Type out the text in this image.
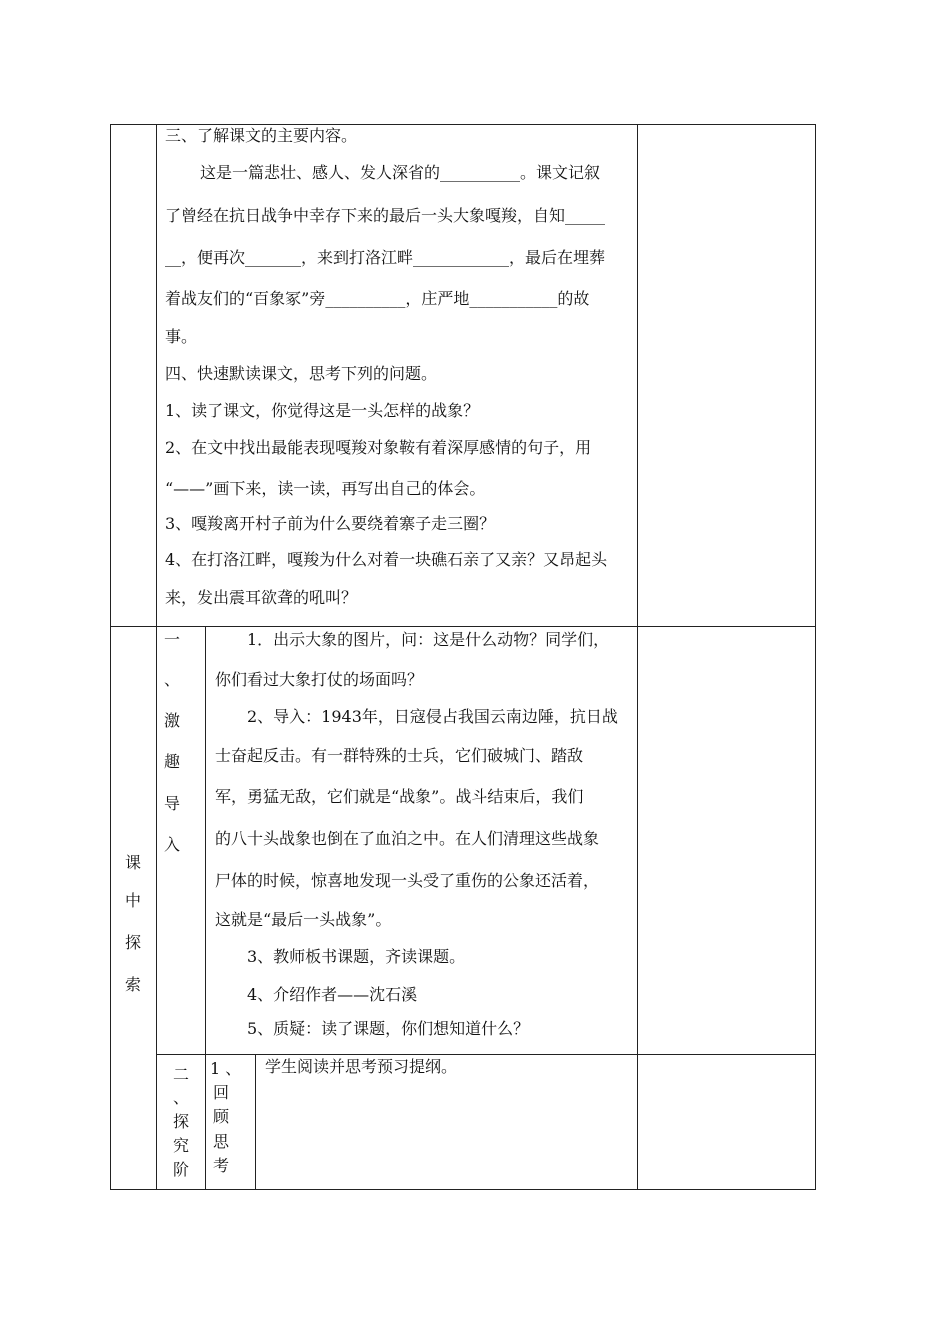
三、了解课文的主要内容。
这是一篇悲壮、感人、发人深省的__________。课文记叙
了曾经在抗日战争中幸存下来的最后一头大象嘎羧，自知_____
__，便再次_______，来到打洛江畔____________，最后在埋葬
着战友们的“百象冢”旁__________，庄严地___________的故
事。
四、快速默读课文，思考下列的问题。
1、读了课文，你觉得这是一头怎样的战象？
2、在文中找出最能表现嘎羧对象鞍有着深厚感情的句子，用
“——”画下来，读一读，再写出自己的体会。
3、嘎羧离开村子前为什么要绕着寨子走三圈？
4、在打洛江畔，嘎羧为什么对着一块礁石亲了又亲？又昂起头
来，发出震耳欲聋的吼叫？
课
中
探
索
一
、
激
趣
导
入
1．出示大象的图片，问：这是什么动物？同学们，
你们看过大象打仗的场面吗？
2、导入：1943年，日寇侵占我国云南边陲，抗日战
士奋起反击。有一群特殊的士兵，它们破城门、踏敌
军，勇猛无敌，它们就是“战象”。战斗结束后，我们
的八十头战象也倒在了血泊之中。在人们清理这些战象
尸体的时候，惊喜地发现一头受了重伤的公象还活着，
这就是“最后一头战象”。
3、教师板书课题，齐读课题。
4、介绍作者——沈石溪
5、质疑：读了课题，你们想知道什么？
二
、
探
究
阶
1 、
回
顾
思
考
学生阅读并思考预习提纲。
